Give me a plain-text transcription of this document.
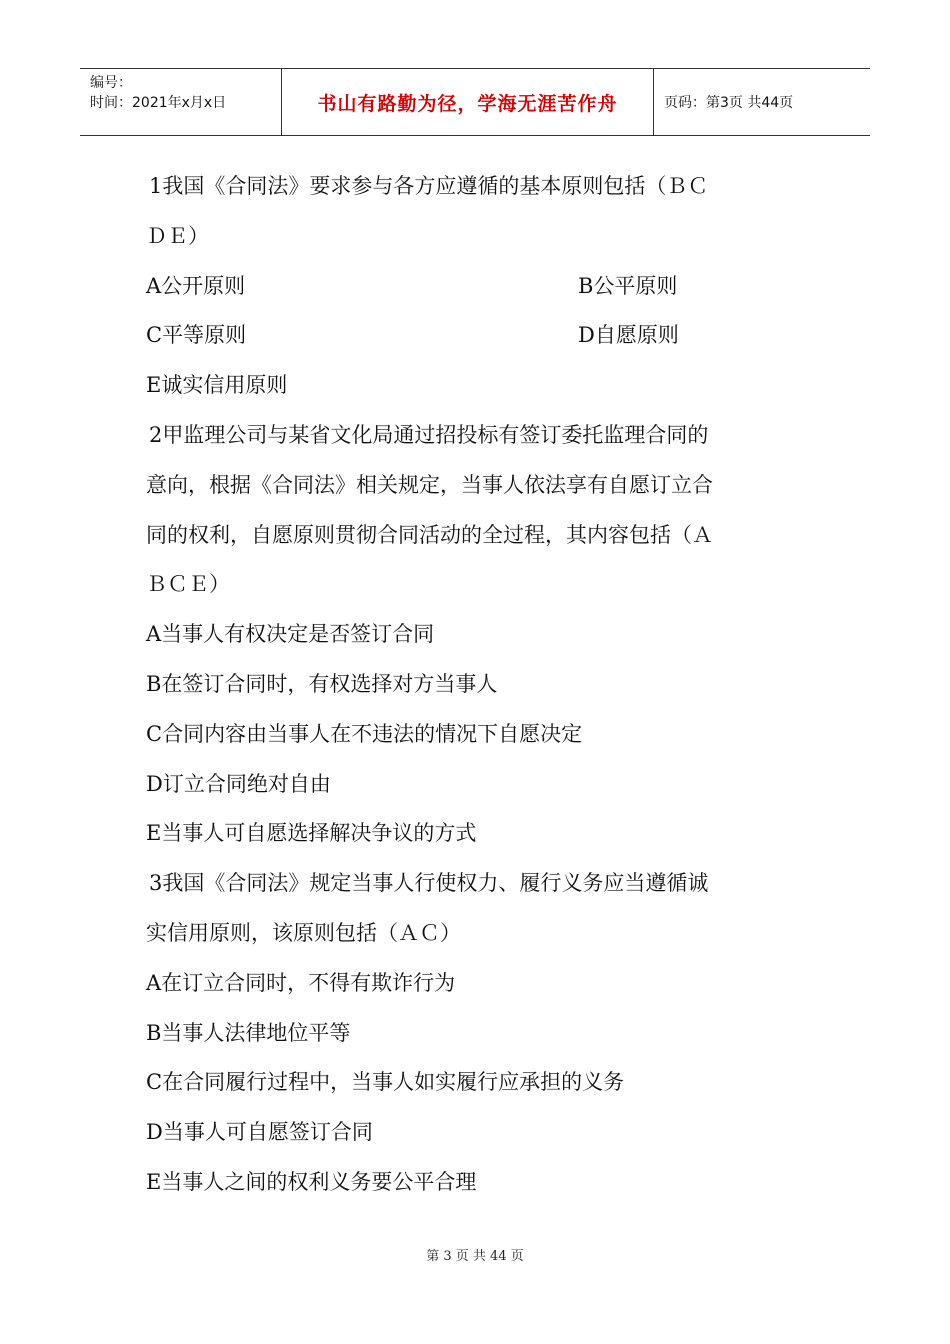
编号：
时间：2021年x月x日	书山有路勤为径，学海无涯苦作舟	页码：第3页 共44页
1我国《合同法》要求参与各方应遵循的基本原则包括（ＢＣ
ＤＥ）
A公开原则	B公平原则
C平等原则	D自愿原则
E诚实信用原则
2甲监理公司与某省文化局通过招投标有签订委托监理合同的
意向，根据《合同法》相关规定，当事人依法享有自愿订立合
同的权利，自愿原则贯彻合同活动的全过程，其内容包括（Ａ
ＢＣＥ）
A当事人有权决定是否签订合同
B在签订合同时，有权选择对方当事人
C合同内容由当事人在不违法的情况下自愿决定
D订立合同绝对自由
E当事人可自愿选择解决争议的方式
3我国《合同法》规定当事人行使权力、履行义务应当遵循诚
实信用原则，该原则包括（ＡＣ）
A在订立合同时，不得有欺诈行为
B当事人法律地位平等
C在合同履行过程中，当事人如实履行应承担的义务
D当事人可自愿签订合同
E当事人之间的权利义务要公平合理
第 3 页 共 44 页
